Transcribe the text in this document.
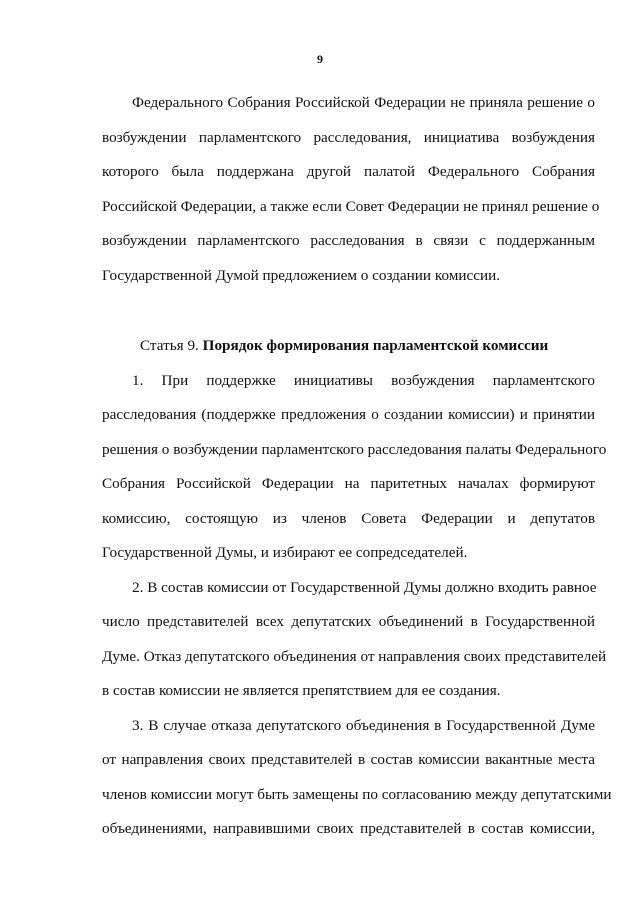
9
Федерального Собрания Российской Федерации не приняла решение о
возбуждении парламентского расследования, инициатива возбуждения
которого была поддержана другой палатой Федерального Собрания
Российской Федерации, а также если Совет Федерации не принял решение о
возбуждении парламентского расследования в связи с поддержанным
Государственной Думой предложением о создании комиссии.
Статья 9. Порядок формирования парламентской комиссии
1. При поддержке инициативы возбуждения парламентского
расследования (поддержке предложения о создании комиссии) и принятии
решения о возбуждении парламентского расследования палаты Федерального
Собрания Российской Федерации на паритетных началах формируют
комиссию, состоящую из членов Совета Федерации и депутатов
Государственной Думы, и избирают ее сопредседателей.
2. В состав комиссии от Государственной Думы должно входить равное
число представителей всех депутатских объединений в Государственной
Думе. Отказ депутатского объединения от направления своих представителей
в состав комиссии не является препятствием для ее создания.
3. В случае отказа депутатского объединения в Государственной Думе
от направления своих представителей в состав комиссии вакантные места
членов комиссии могут быть замещены по согласованию между депутатскими
объединениями, направившими своих представителей в состав комиссии,
